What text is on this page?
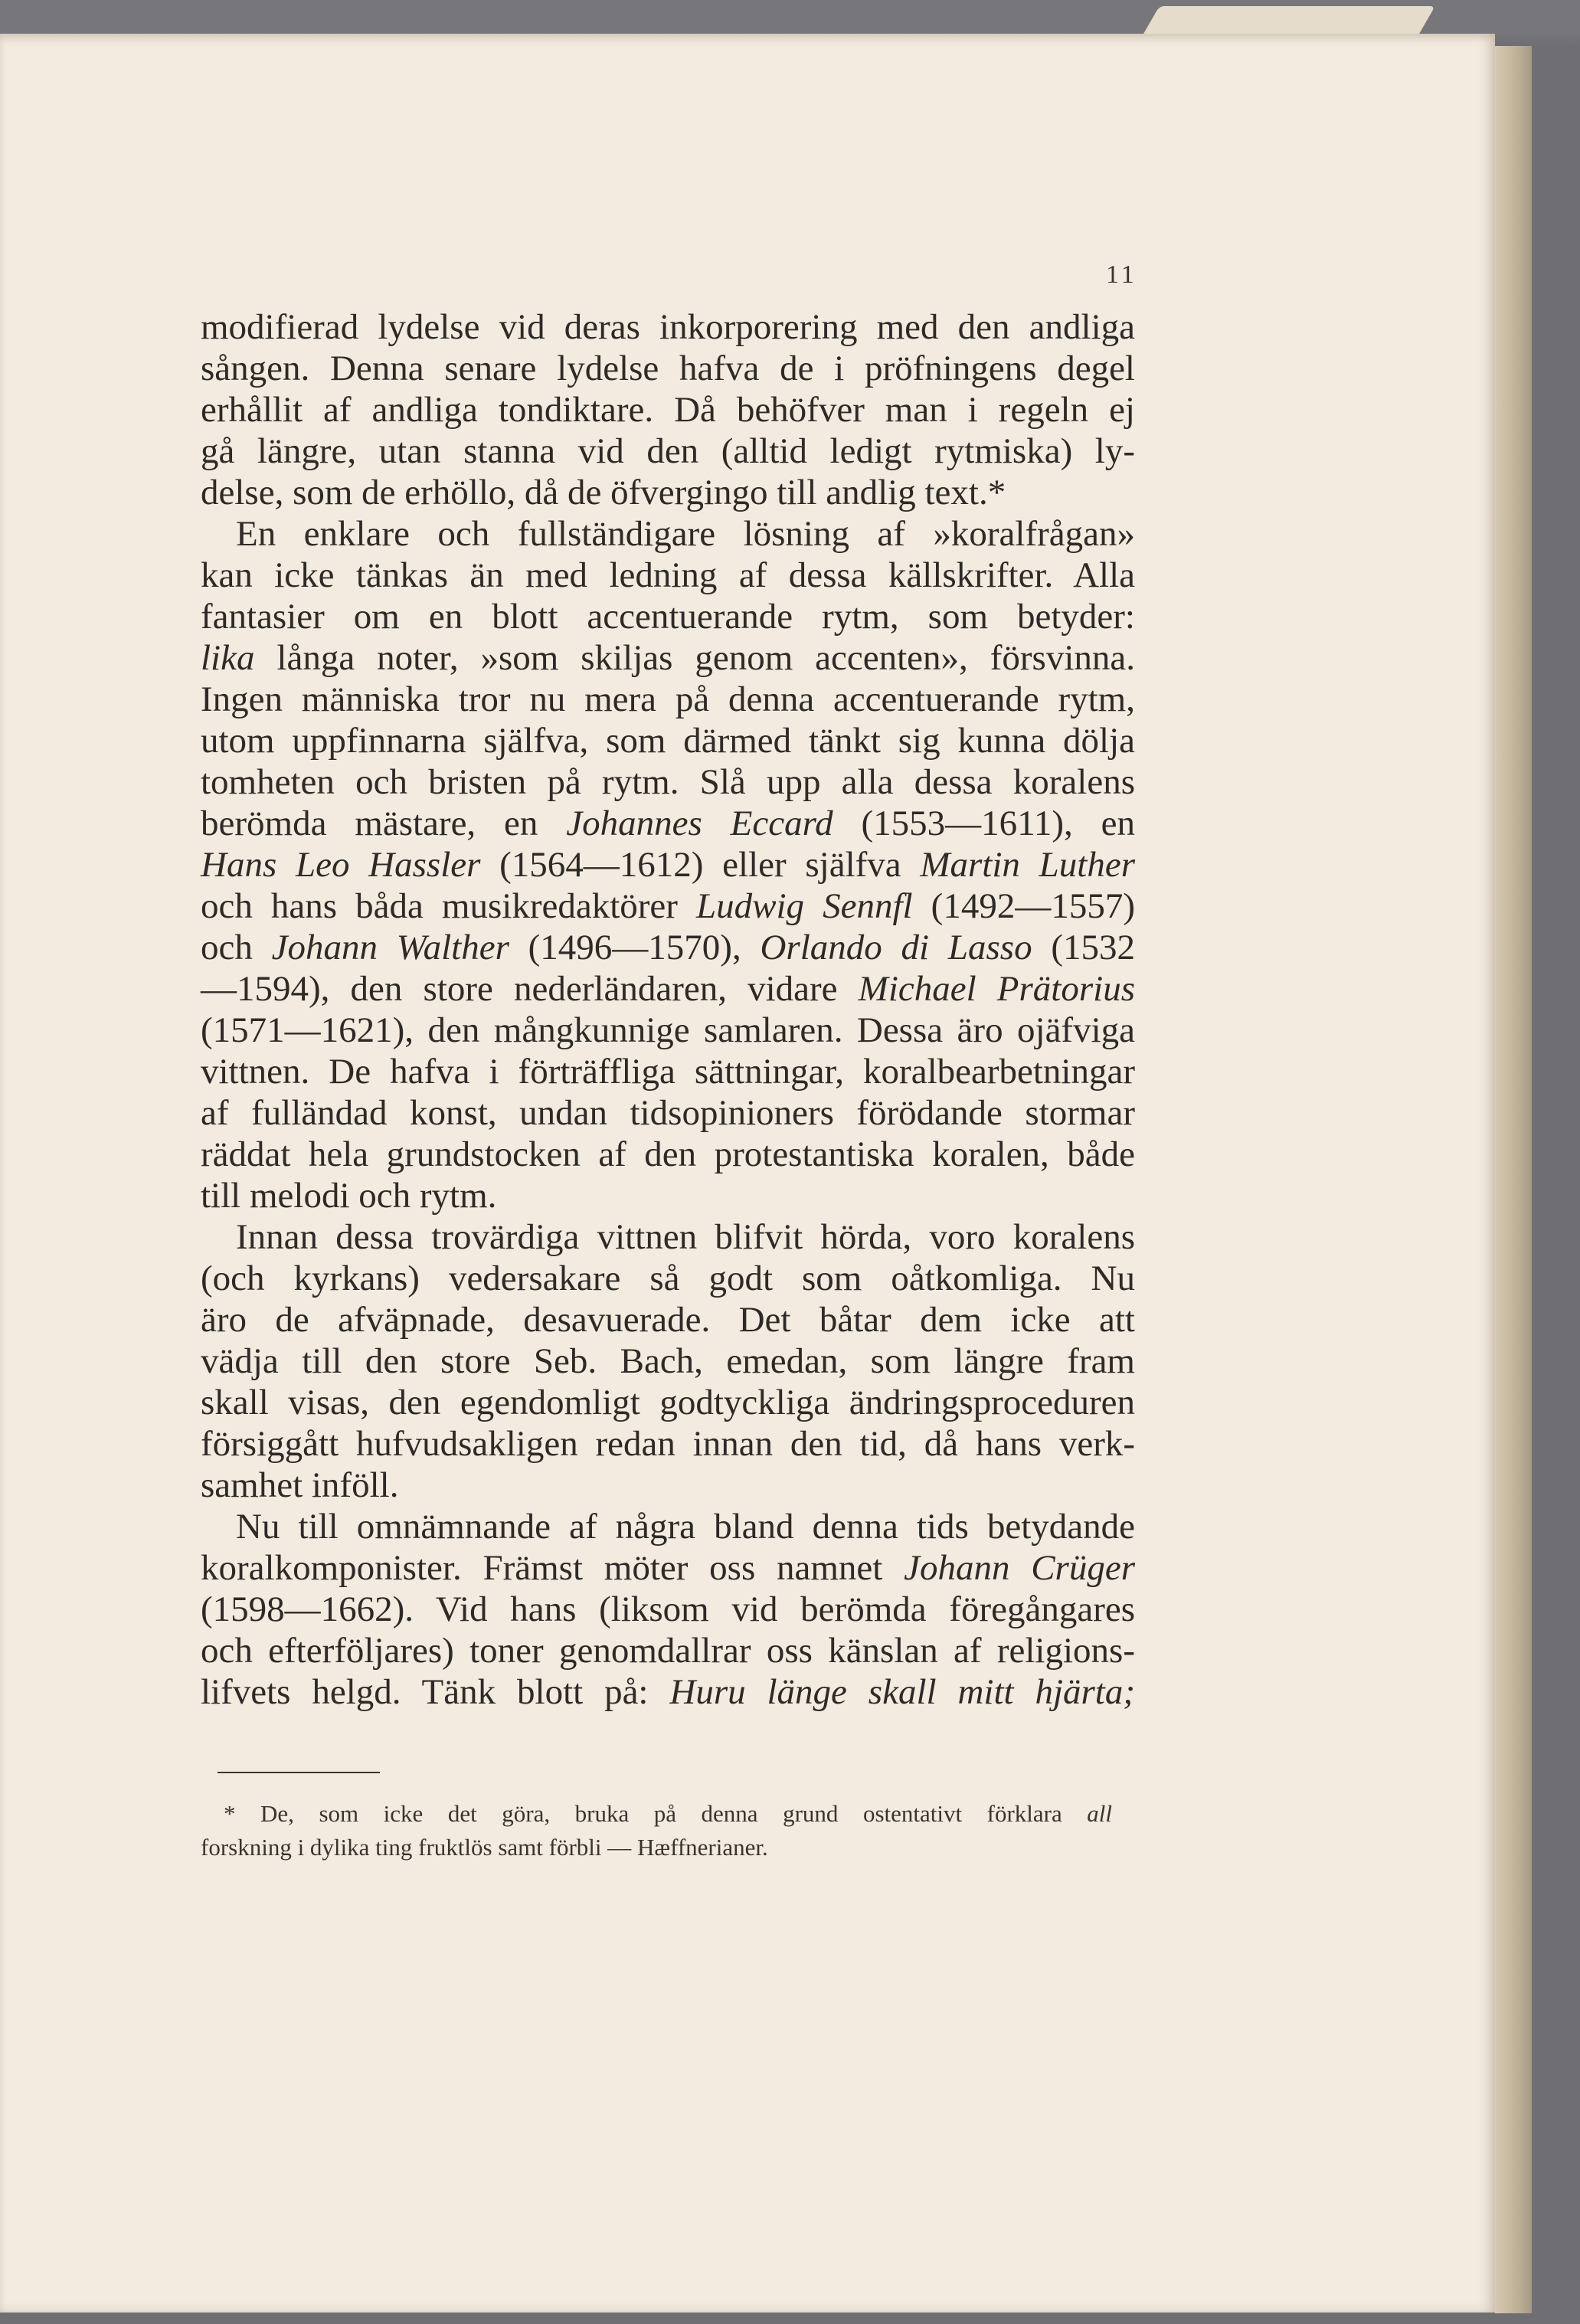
11
modifierad lydelse vid deras inkorporering med den andliga
sången. Denna senare lydelse hafva de i pröfningens degel
erhållit af andliga tondiktare. Då behöfver man i regeln ej
gå längre, utan stanna vid den (alltid ledigt rytmiska) ly-
delse, som de erhöllo, då de öfvergingo till andlig text.*
En enklare och fullständigare lösning af »koralfrågan»
kan icke tänkas än med ledning af dessa källskrifter. Alla
fantasier om en blott accentuerande rytm, som betyder:
lika långa noter, »som skiljas genom accenten», försvinna.
Ingen människa tror nu mera på denna accentuerande rytm,
utom uppfinnarna själfva, som därmed tänkt sig kunna dölja
tomheten och bristen på rytm. Slå upp alla dessa koralens
berömda mästare, en Johannes Eccard (1553—1611), en
Hans Leo Hassler (1564—1612) eller själfva Martin Luther
och hans båda musikredaktörer Ludwig Sennfl (1492—1557)
och Johann Walther (1496—1570), Orlando di Lasso (1532
—1594), den store nederländaren, vidare Michael Prätorius
(1571—1621), den mångkunnige samlaren. Dessa äro ojäfviga
vittnen. De hafva i förträffliga sättningar, koralbearbetningar
af fulländad konst, undan tidsopinioners förödande stormar
räddat hela grundstocken af den protestantiska koralen, både
till melodi och rytm.
Innan dessa trovärdiga vittnen blifvit hörda, voro koralens
(och kyrkans) vedersakare så godt som oåtkomliga. Nu
äro de afväpnade, desavuerade. Det båtar dem icke att
vädja till den store Seb. Bach, emedan, som längre fram
skall visas, den egendomligt godtyckliga ändringsproceduren
försiggått hufvudsakligen redan innan den tid, då hans verk-
samhet inföll.
Nu till omnämnande af några bland denna tids betydande
koralkomponister. Främst möter oss namnet Johann Crüger
(1598—1662). Vid hans (liksom vid berömda föregångares
och efterföljares) toner genomdallrar oss känslan af religions-
lifvets helgd. Tänk blott på: Huru länge skall mitt hjärta;
* De, som icke det göra, bruka på denna grund ostentativt förklara all
forskning i dylika ting fruktlös samt förbli — Hæffnerianer.
